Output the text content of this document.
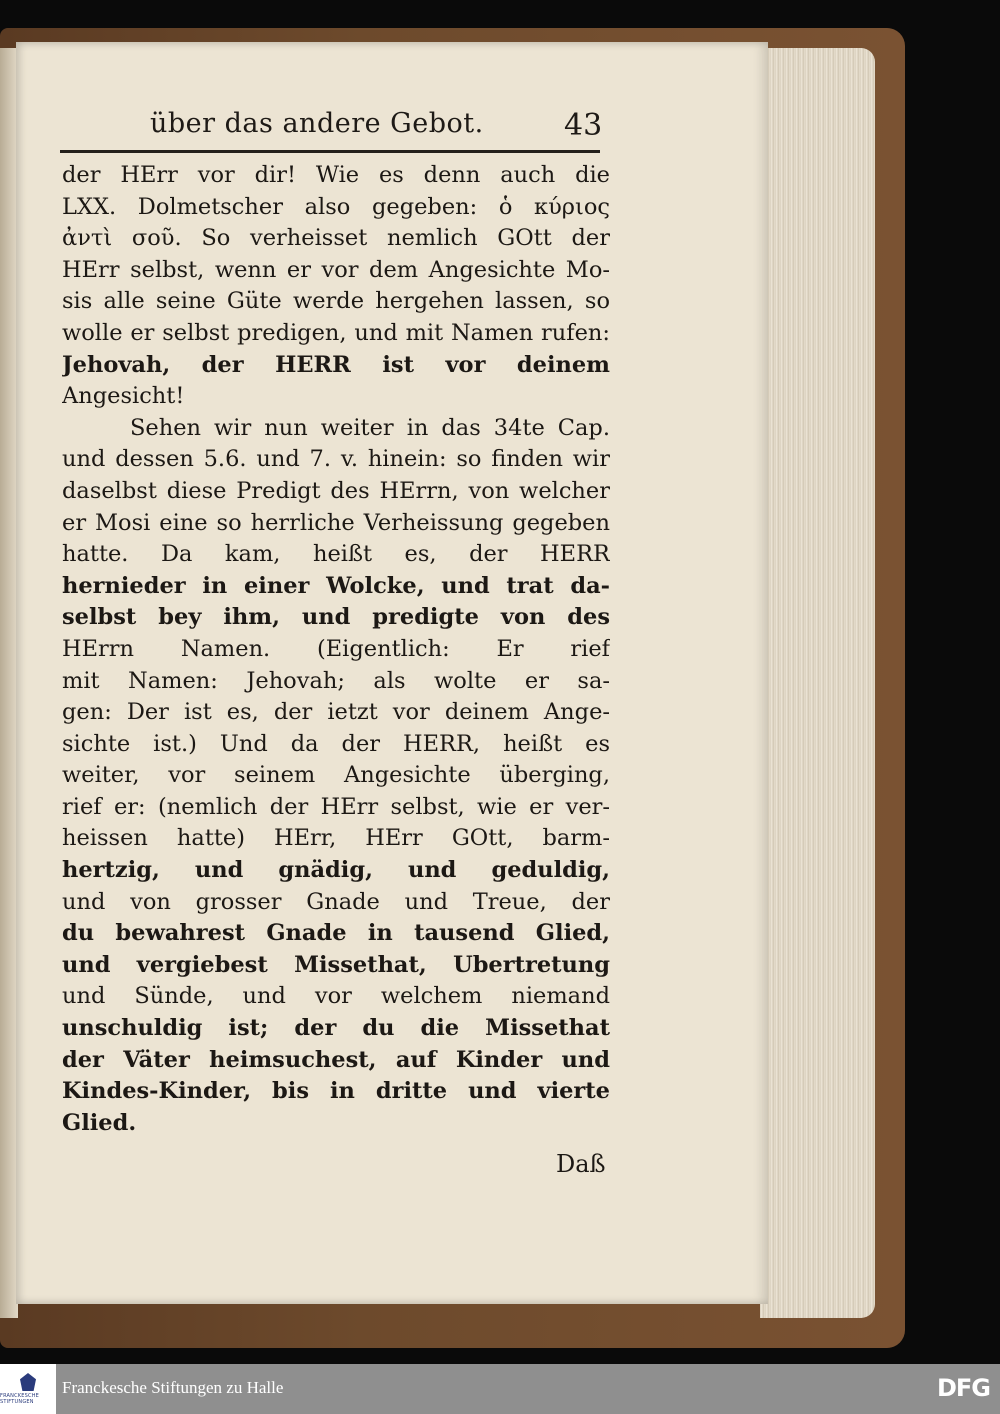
über das andere Gebot.	43
der HErr vor dir! Wie es denn auch die
LXX. Dolmetscher also gegeben: ὁ κύριος
ἀντὶ σοῦ. So verheisset nemlich GOtt der
HErr selbst, wenn er vor dem Angesichte Mo-
sis alle seine Güte werde hergehen lassen, so
wolle er selbst predigen, und mit Namen rufen:
Jehovah, der HERR ist vor deinem
Angesicht!
Sehen wir nun weiter in das 34te Cap.
und dessen 5.6. und 7. v. hinein: so finden wir
daselbst diese Predigt des HErrn, von welcher
er Mosi eine so herrliche Verheissung gegeben
hatte. Da kam, heißt es, der HERR
hernieder in einer Wolcke, und trat da-
selbst bey ihm, und predigte von des
HErrn Namen. (Eigentlich: Er rief
mit Namen: Jehovah; als wolte er sa-
gen: Der ist es, der ietzt vor deinem Ange-
sichte ist.) Und da der HERR, heißt es
weiter, vor seinem Angesichte überging,
rief er: (nemlich der HErr selbst, wie er ver-
heissen hatte) HErr, HErr GOtt, barm-
hertzig, und gnädig, und geduldig,
und von grosser Gnade und Treue, der
du bewahrest Gnade in tausend Glied,
und vergiebest Missethat, Ubertretung
und Sünde, und vor welchem niemand
unschuldig ist; der du die Missethat
der Väter heimsuchest, auf Kinder und
Kindes-Kinder, bis in dritte und vierte
Glied.
Daß
FRANCKESCHE STIFTUNGEN
Franckesche Stiftungen zu Halle	DFG
